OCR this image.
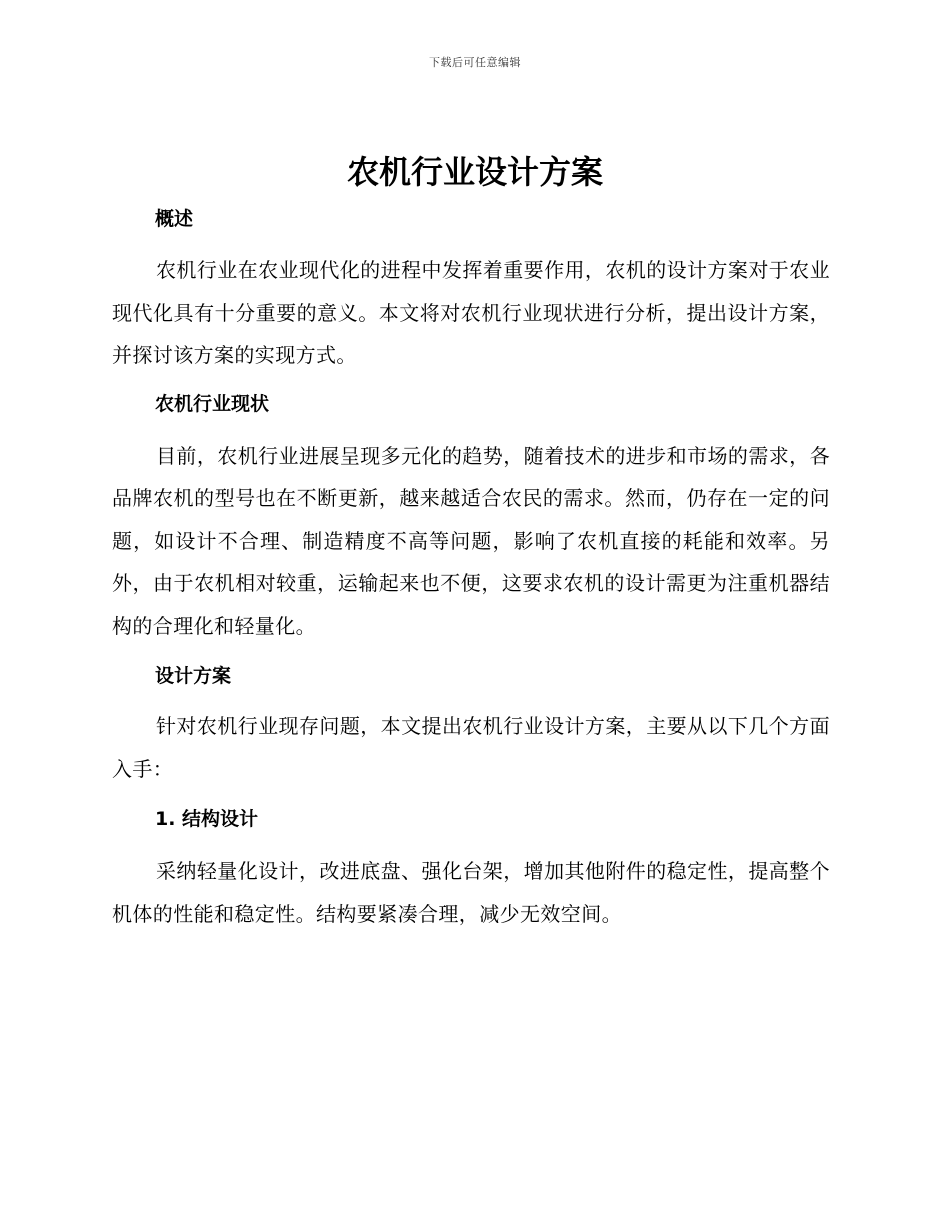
下载后可任意编辑
农机行业设计方案

概述

农机行业在农业现代化的进程中发挥着重要作用，农机的设计方案对于农业现代化具有十分重要的意义。本文将对农机行业现状进行分析，提出设计方案，并探讨该方案的实现方式。

农机行业现状

目前，农机行业进展呈现多元化的趋势，随着技术的进步和市场的需求，各品牌农机的型号也在不断更新，越来越适合农民的需求。然而，仍存在一定的问题，如设计不合理、制造精度不高等问题，影响了农机直接的耗能和效率。另外，由于农机相对较重，运输起来也不便，这要求农机的设计需更为注重机器结构的合理化和轻量化。

设计方案

针对农机行业现存问题，本文提出农机行业设计方案，主要从以下几个方面入手：

1. 结构设计

采纳轻量化设计，改进底盘、强化台架，增加其他附件的稳定性，提高整个机体的性能和稳定性。结构要紧凑合理，减少无效空间。
